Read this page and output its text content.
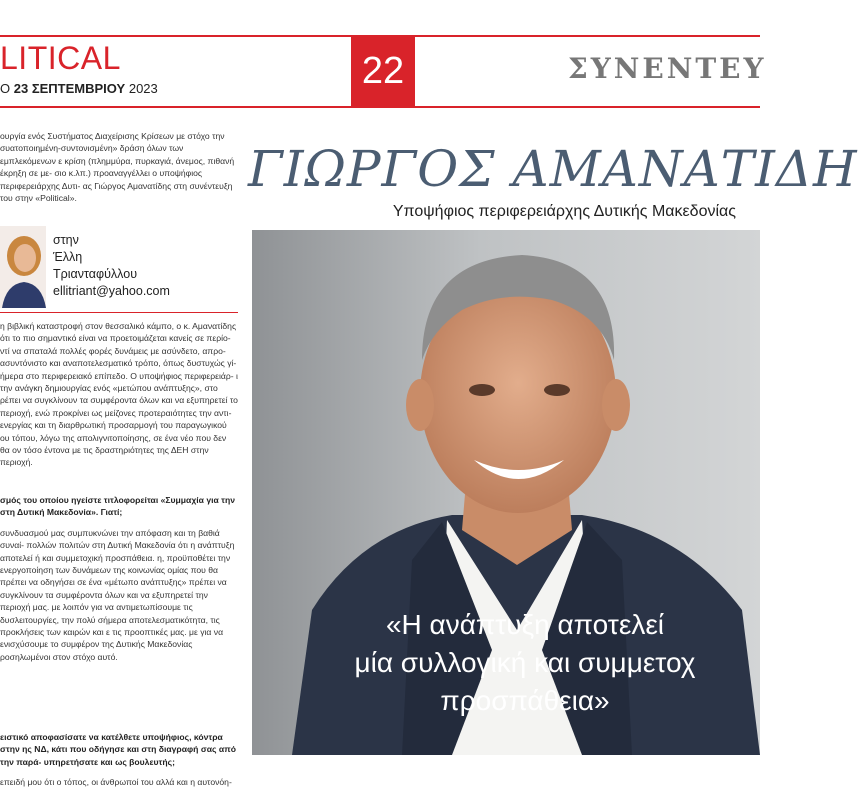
LITICAL
Ο 23 ΣΕΠΤΕΜΒΡΙΟΥ 2023	22	ΣΥΝΕΝΤΕΥ
ουργία ενός Συστήματος Διαχείρισης Κρίσεων με στόχο την συατοποιημένη-συντονισμένη» δράση όλων των εμπλεκόμενων ε κρίση (πλημμύρα, πυρκαγιά, άνεμος, πιθανή έκρηξη σε με- σιο κ.λπ.) προαναγγέλλει ο υποψήφιος περιφερειάρχης Δυτι- ας Γιώργος Αμανατίδης στη συνέντευξη του στην «Political».
στην
Έλλη
Τριανταφύλλου
ellitriant@yahoo.com

η βιβλική καταστροφή στον θεσσαλικό κάμπο, ο κ. Αμανατίδης ότι το πιο σημαντικό είναι να προετοιμάζεται κανείς σε περίο- ντί να σπαταλά πολλές φορές δυνάμεις με ασύνδετο, απρο- ασυντόνιστο και αναποτελεσματικό τρόπο, όπως δυστυχώς γί- ήμερα στο περιφερειακό επίπεδο. Ο υποψήφιος περιφερειάρ- ι την ανάγκη δημιουργίας ενός «μετώπου ανάπτυξης», στο ρέπει να συγκλίνουν τα συμφέροντα όλων και να εξυπηρετεί το περιοχή, ενώ προκρίνει ως μείζονες προτεραιότητες την αντι- ενεργίας και τη διαρθρωτική προσαρμογή του παραγωγικού ου τόπου, λόγω της απολιγνιτοποίησης, σε ένα νέο που δεν θα ον τόσο έντονα με τις δραστηριότητες της ΔΕΗ στην περιοχή.

σμός του οποίου ηγείστε τιτλοφορείται «Συμμαχία για την στη Δυτική Μακεδονία». Γιατί;

συνδυασμού μας συμπυκνώνει την απόφαση και τη βαθιά συναί- πολλών πολιτών στη Δυτική Μακεδονία ότι η ανάπτυξη αποτελεί ή και συμμετοχική προσπάθεια. η, προϋποθέτει την ενεργοποίηση των δυνάμεων της κοινωνίας ομίας που θα πρέπει να οδηγήσει σε ένα «μέτωπο ανάπτυξης» πρέπει να συγκλίνουν τα συμφέροντα όλων και να εξυπηρετεί την περιοχή μας. με λοιπόν για να αντιμετωπίσουμε τις δυσλειτουργίες, την πολύ σήμερα αποτελεσματικότητα, τις προκλήσεις των καιρών και ε τις προοπτικές μας. με για να ενισχύσουμε το συμφέρον της Δυτικής Μακεδονίας ροσηλωμένοι στον στόχο αυτό.

ειστικό αποφασίσατε να κατέλθετε υποψήφιος, κόντρα στην ης ΝΔ, κάτι που οδήγησε και στη διαγραφή σας από την παρά- υπηρετήσατε και ως βουλευτής;

επειδή μου ότι ο τόπος, οι άνθρωποί του αλλά και η αυτονόη-

ΓΙΩΡΓΟΣ ΑΜΑΝΑΤΙΔΗ
Υποψήφιος περιφερειάρχης Δυτικής Μακεδονίας
«Η ανάπτυξη αποτελεί
μία συλλογική και συμμετοχ
προσπάθεια»
